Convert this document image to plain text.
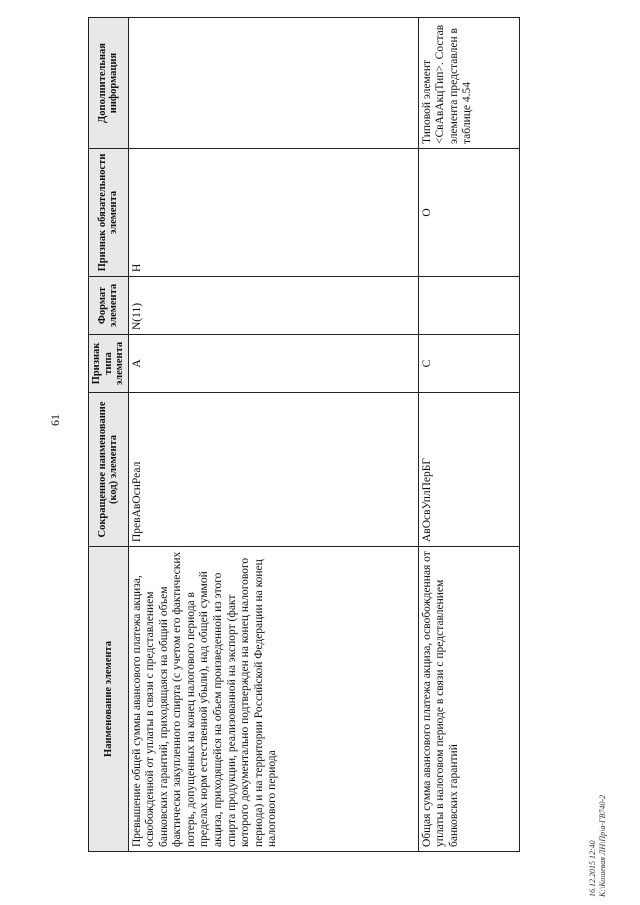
61
Наименование элемента	Сокращенное наименование (код) элемента	Признак типа элемента	Формат элемента	Признак обязательности элемента	Дополнительная информация
Превышение общей суммы авансового платежа акциза, освобожденной от уплаты в связи с представлением банковских гарантий, приходящаяся на общий объем фактически закупленного спирта (с учетом его фактических потерь, допущенных на конец налогового периода в пределах норм естественной убыли), над общей суммой акциза, приходящейся на объем произведенной из этого спирта продукции, реализованной на экспорт (факт которого документально подтвержден на конец налогового периода) и на территории Российской Федерации на конец налогового периода	ПревАвОснРеал	А	N(11)	Н	
Общая сумма авансового платежа акциза, освобожденная от уплаты в налоговом периоде в связи с представлением банковских гарантий	АвОсвУплПерБГ	С		О	Типовой элемент <СвАвАкцТип>. Состав элемента представлен в таблице 4.54
16.12.2015 12:40 К:\Кошевая ЛН\Пр\а-ГВ740-2
